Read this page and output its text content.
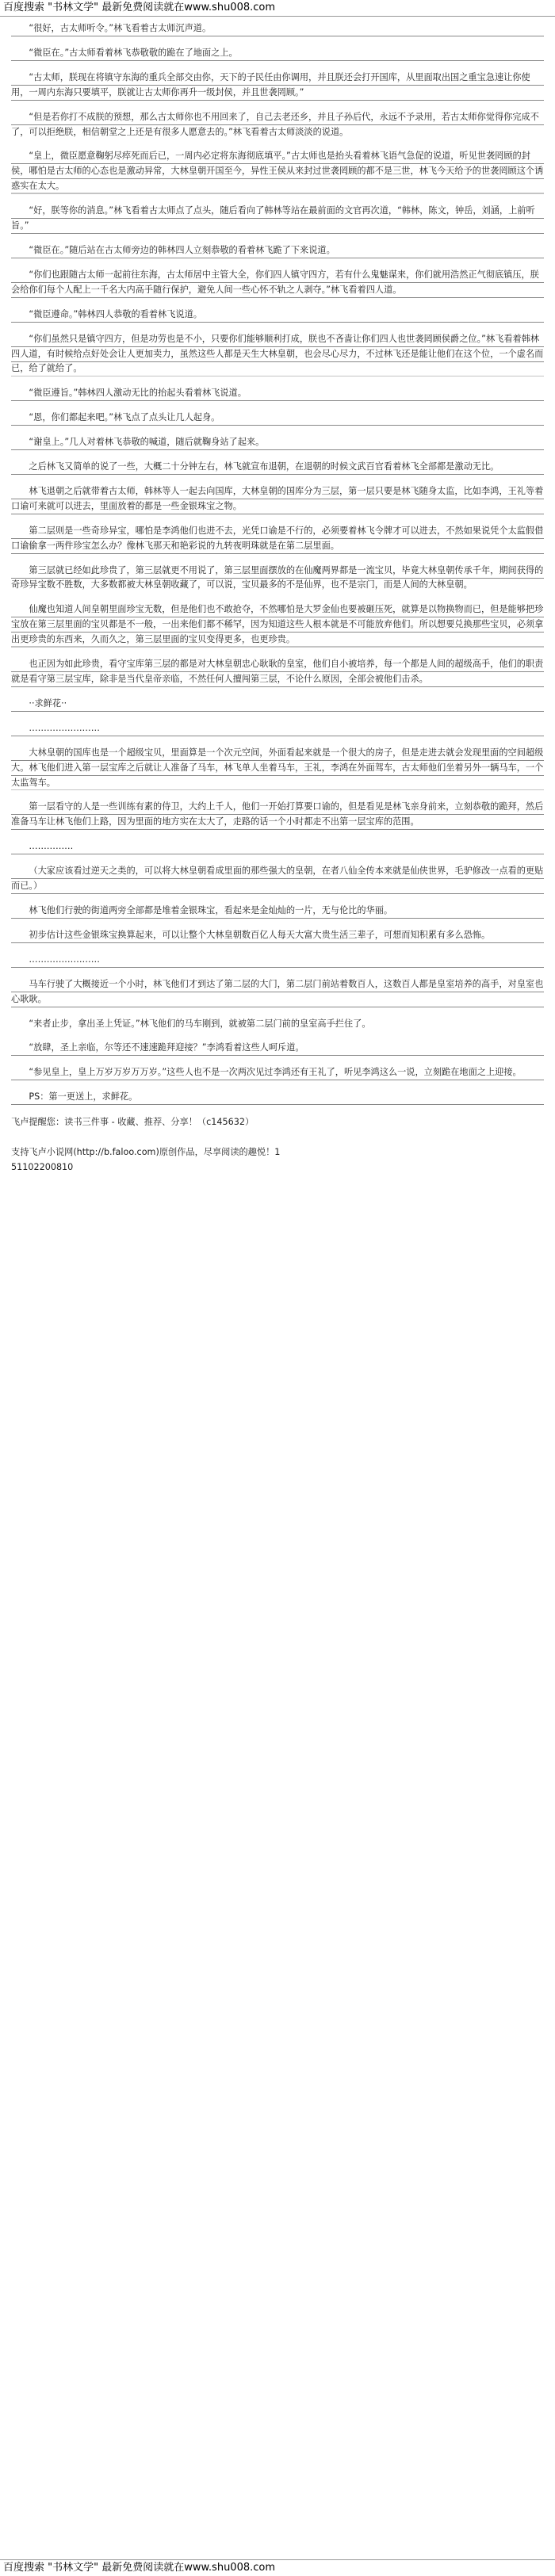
百度搜索 "书林文学" 最新免费阅读就在www.shu008.com

“很好，古太师听令。”林飞看着古太师沉声道。

“微臣在。”古太师看着林飞恭敬敬的跪在了地面之上。

“古太师，朕现在将镇守东海的重兵全部交由你，天下的子民任由你调用，并且朕还会打开国库，从里面取出国之重宝急速让你使用，一周内东海只要填平，朕就让古太师你再升一级封侯，并且世袭罔顾。”

“但是若你打不成朕的预想，那么古太师你也不用回来了，自己去老还乡，并且子孙后代，永远不予录用，若古太师你觉得你完成不了，可以拒绝朕，相信朝堂之上还是有很多人愿意去的。”林飞看着古太师淡淡的说道。

“皇上，微臣愿意鞠躬尽瘁死而后已，一周内必定将东海彻底填平。”古太师也是抬头看着林飞语气急促的说道，听见世袭罔顾的封侯，哪怕是古太师的心态也是激动异常，大林皇朝开国至今，异性王侯从来封过世袭罔顾的都不是三世，林飞今天给予的世袭罔顾这个诱惑实在太大。

“好，朕等你的消息。”林飞看着古太师点了点头，随后看向了韩林等站在最前面的文官再次道，“韩林，陈文，钟岳，刘涵，上前听旨。”

“微臣在。”随后站在古太师旁边的韩林四人立刻恭敬的看着林飞跪了下来说道。

“你们也跟随古太师一起前往东海，古太师居中主管大全，你们四人镇守四方，若有什么鬼魅谋来，你们就用浩然正气彻底镇压，朕会给你们每个人配上一千名大内高手随行保护，避免人间一些心怀不轨之人剥夺。”林飞看着四人道。

“微臣遵命。”韩林四人恭敬的看着林飞说道。

“你们虽然只是镇守四方，但是功劳也是不小，只要你们能够顺利打成，朕也不吝啬让你们四人也世袭罔顾侯爵之位。”林飞看着韩林四人道，有时候给点好处会让人更加卖力，虽然这些人都是天生大林皇朝，也会尽心尽力，不过林飞还是能让他们在这个位，一个虚名而已，给了就给了。

“微臣遵旨。”韩林四人激动无比的抬起头看着林飞说道。

“恩，你们都起来吧。”林飞点了点头让几人起身。

“谢皇上。”几人对着林飞恭敬的喊道，随后就鞠身站了起来。

之后林飞又简单的说了一些，大概二十分钟左右，林飞就宣布退朝，在退朝的时候文武百官看着林飞全部都是激动无比。

林飞退朝之后就带着古太师，韩林等人一起去向国库，大林皇朝的国库分为三层，第一层只要是林飞随身太监，比如李鸿，王礼等着口谕可来就可以进去，里面放着的都是一些金银珠宝之物。

第二层则是一些奇珍异宝，哪怕是李鸿他们也进不去，光凭口谕是不行的，必须要着林飞令牌才可以进去，不然如果说凭个太监假借口谕偷拿一两件珍宝怎么办？像林飞那天和艳彩说的九转夜明珠就是在第二层里面。

第三层就已经如此珍贵了，第三层就更不用说了，第三层里面摆放的在仙魔两界都是一流宝贝，毕竟大林皇朝传承千年，期间获得的奇珍异宝数不胜数，大多数都被大林皇朝收藏了，可以说，宝贝最多的不是仙界，也不是宗门，而是人间的大林皇朝。

仙魔也知道人间皇朝里面珍宝无数，但是他们也不敢抢夺，不然哪怕是大罗金仙也要被砸压死，就算是以物换物而已，但是能够把珍宝放在第三层里面的宝贝都是不一般，一出来他们都不稀罕，因为知道这些人根本就是不可能放弃他们。所以想要兑换那些宝贝，必须拿出更珍贵的东西来，久而久之，第三层里面的宝贝变得更多，也更珍贵。

也正因为如此珍贵，看守宝库第三层的都是对大林皇朝忠心耿耿的皇室，他们自小被培养，每一个都是人间的超级高手，他们的职责就是看守第三层宝库，除非是当代皇帝亲临，不然任何人擅闯第三层，不论什么原因，全部会被他们击杀。

··求鲜花··

……………………

大林皇朝的国库也是一个超级宝贝，里面算是一个次元空间，外面看起来就是一个很大的房子，但是走进去就会发现里面的空间超级大。林飞他们进入第一层宝库之后就让人准备了马车，林飞单人坐着马车，王礼，李鸿在外面驾车，古太师他们坐着另外一辆马车，一个太监驾车。

第一层看守的人是一些训练有素的侍卫，大约上千人，他们一开始打算要口谕的，但是看见是林飞亲身前来，立刻恭敬的跪拜，然后准备马车让林飞他们上路，因为里面的地方实在太大了，走路的话一个小时都走不出第一层宝库的范围。

……………

（大家应该看过逆天之类的，可以将大林皇朝看成里面的那些强大的皇朝，在者八仙全传本来就是仙侠世界，毛驴修改一点看的更贴而已。）

林飞他们行驶的街道两旁全部都是堆着金银珠宝，看起来是金灿灿的一片，无与伦比的华丽。

初步估计这些金银珠宝换算起来，可以让整个大林皇朝数百亿人每天大富大贵生活三辈子，可想而知积累有多么恐怖。

……………………

马车行驶了大概接近一个小时，林飞他们才到达了第二层的大门，第二层门前站着数百人，这数百人都是皇室培养的高手，对皇室也心耿耿。

“来者止步，拿出圣上凭证。”林飞他们的马车刚到，就被第二层门前的皇室高手拦住了。

“放肆，圣上亲临，尔等还不速速跪拜迎接？”李鸿看着这些人呵斥道。

“参见皇上，皇上万岁万岁万万岁。”这些人也不是一次两次见过李鸿还有王礼了，听见李鸿这么一说，立刻跪在地面之上迎接。

PS：第一更送上，求鲜花。

飞卢提醒您：读书三件事 - 收藏、推荐、分享！（c145632）
支持飞卢小说网(http://b.faloo.com)原创作品，尽享阅读的趣悦！1
51102200810
百度搜索 "书林文学" 最新免费阅读就在www.shu008.com
